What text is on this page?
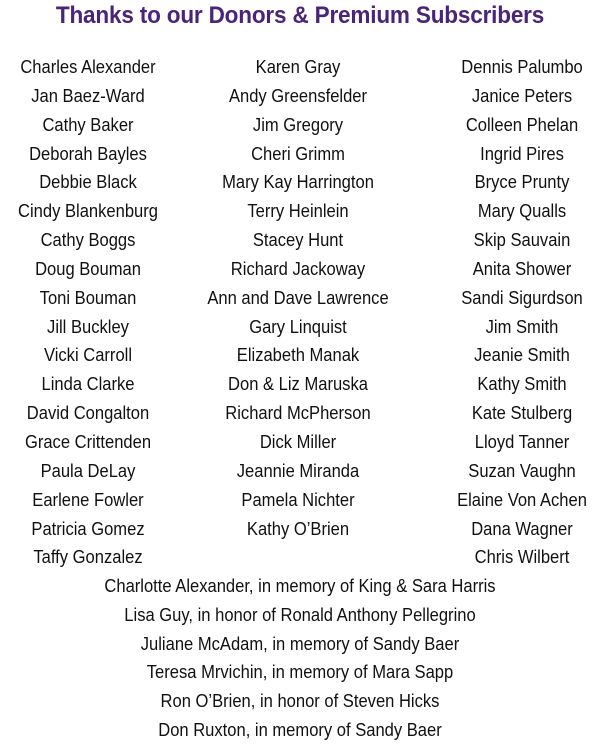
Thanks to our Donors & Premium Subscribers
Charles Alexander
Jan Baez-Ward
Cathy Baker
Deborah Bayles
Debbie Black
Cindy Blankenburg
Cathy Boggs
Doug Bouman
Toni Bouman
Jill Buckley
Vicki Carroll
Linda Clarke
David Congalton
Grace Crittenden
Paula DeLay
Earlene Fowler
Patricia Gomez
Taffy Gonzalez
Karen Gray
Andy Greensfelder
Jim Gregory
Cheri Grimm
Mary Kay Harrington
Terry Heinlein
Stacey Hunt
Richard Jackoway
Ann and Dave Lawrence
Gary Linquist
Elizabeth Manak
Don & Liz Maruska
Richard McPherson
Dick Miller
Jeannie Miranda
Pamela Nichter
Kathy O’Brien
Dennis Palumbo
Janice Peters
Colleen Phelan
Ingrid Pires
Bryce Prunty
Mary Qualls
Skip Sauvain
Anita Shower
Sandi Sigurdson
Jim Smith
Jeanie Smith
Kathy Smith
Kate Stulberg
Lloyd Tanner
Suzan Vaughn
Elaine Von Achen
Dana Wagner
Chris Wilbert
Charlotte Alexander, in memory of King & Sara Harris
Lisa Guy, in honor of Ronald Anthony Pellegrino
Juliane McAdam, in memory of Sandy Baer
Teresa Mrvichin, in memory of Mara Sapp
Ron O’Brien, in honor of Steven Hicks
Don Ruxton, in memory of Sandy Baer
